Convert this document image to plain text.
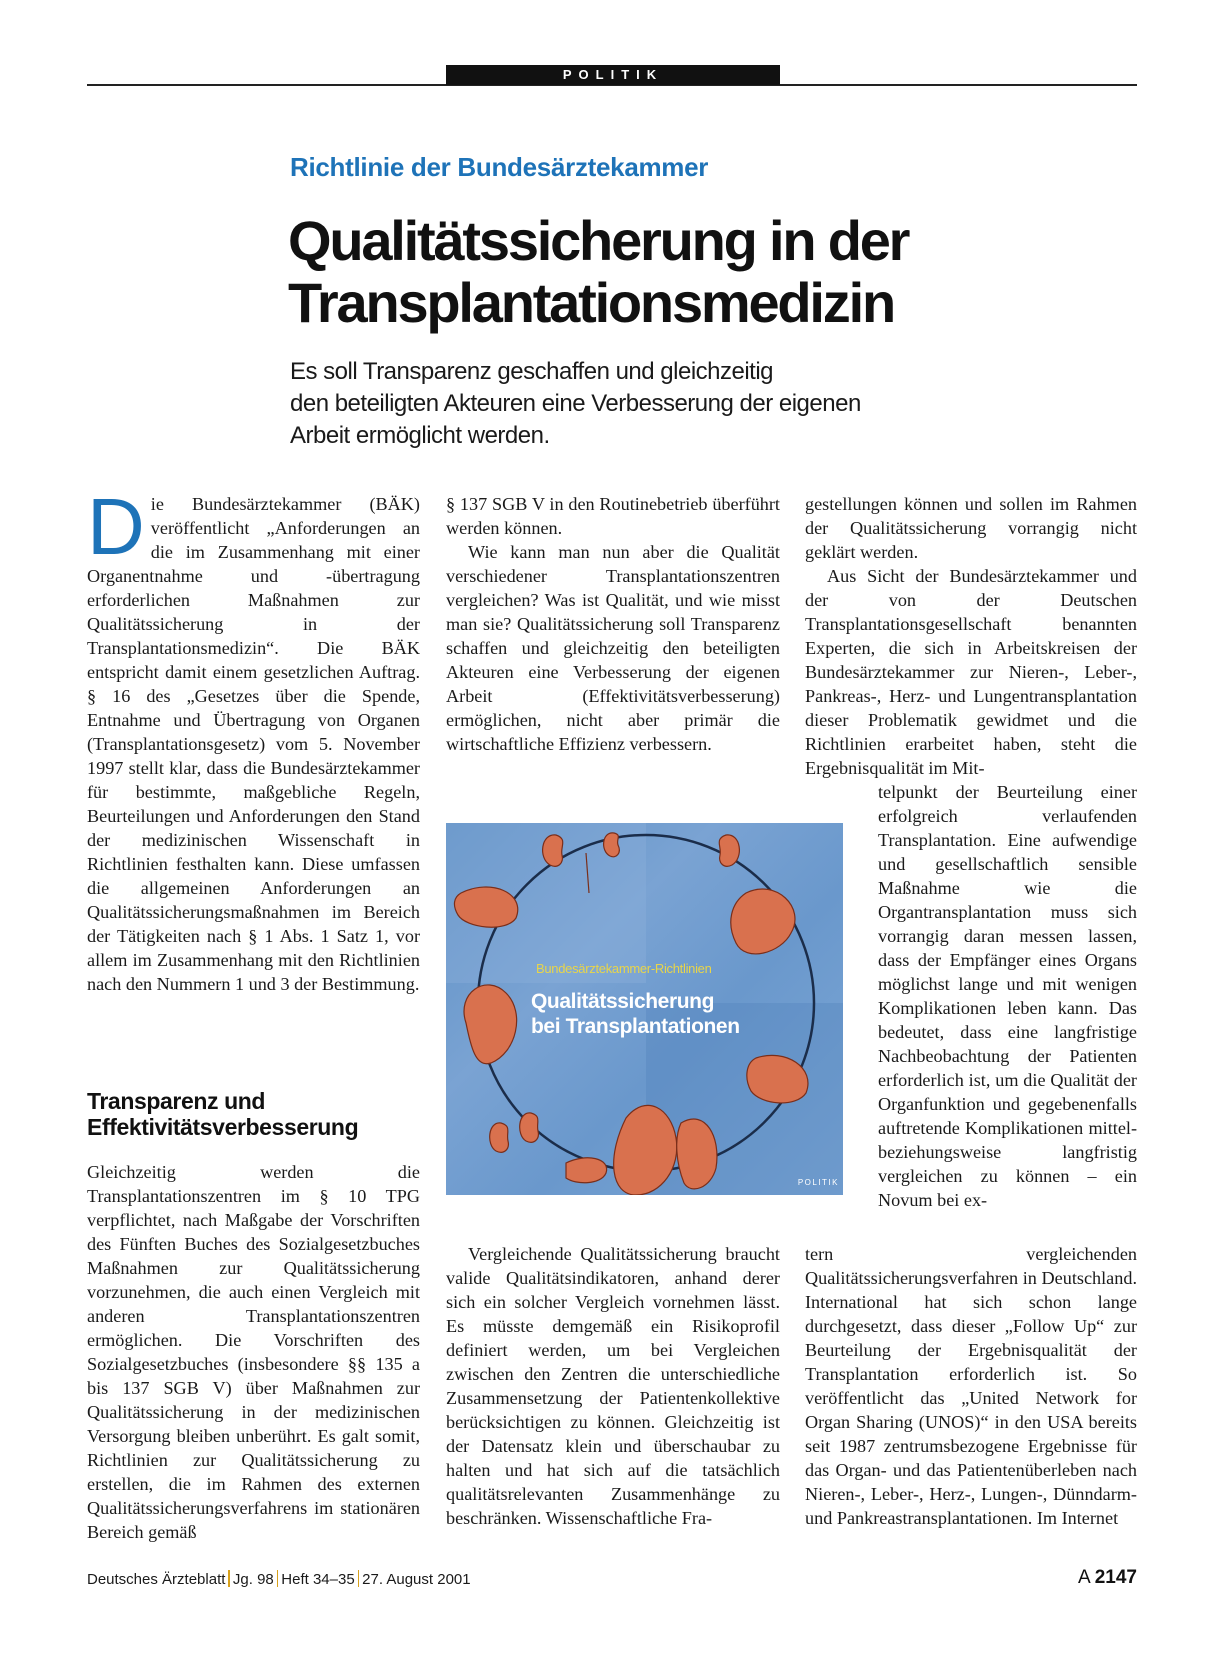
POLITIK
Richtlinie der Bundesärztekammer
Qualitätssicherung in der
Transplantationsmedizin
Es soll Transparenz geschaffen und gleichzeitig
den beteiligten Akteuren eine Verbesserung der eigenen
Arbeit ermöglicht werden.

Die Bundesärztekammer (BÄK) veröffentlicht „Anforderungen an die im Zusammenhang mit einer Organentnahme und -übertragung erforderlichen Maßnahmen zur Qualitätssicherung in der Transplantationsmedizin“. Die BÄK entspricht damit einem gesetzlichen Auftrag. § 16 des „Gesetzes über die Spende, Entnahme und Übertragung von Organen (Transplantationsgesetz) vom 5. November 1997 stellt klar, dass die Bundesärztekammer für bestimmte, maßgebliche Regeln, Beurteilungen und Anforderungen den Stand der medizinischen Wissenschaft in Richtlinien festhalten kann. Diese umfassen die allgemeinen Anforderungen an Qualitätssicherungsmaßnahmen im Bereich der Tätigkeiten nach § 1 Abs. 1 Satz 1, vor allem im Zusammenhang mit den Richtlinien nach den Nummern 1 und 3 der Bestimmung.

Transparenz und
Effektivitätsverbesserung

Gleichzeitig werden die Transplantationszentren im § 10 TPG verpflichtet, nach Maßgabe der Vorschriften des Fünften Buches des Sozialgesetzbuches Maßnahmen zur Qualitätssicherung vorzunehmen, die auch einen Vergleich mit anderen Transplantationszentren ermöglichen. Die Vorschriften des Sozialgesetzbuches (insbesondere §§ 135 a bis 137 SGB V) über Maßnahmen zur Qualitätssicherung in der medizinischen Versorgung bleiben unberührt. Es galt somit, Richtlinien zur Qualitätssicherung zu erstellen, die im Rahmen des externen Qualitätssicherungsverfahrens im stationären Bereich gemäß

§ 137 SGB V in den Routinebetrieb überführt werden können.

Wie kann man nun aber die Qualität verschiedener Transplantationszentren vergleichen? Was ist Qualität, und wie misst man sie? Qualitätssicherung soll Transparenz schaffen und gleichzeitig den beteiligten Akteuren eine Verbesserung der eigenen Arbeit (Effektivitätsverbesserung) ermöglichen, nicht aber primär die wirtschaftliche Effizienz verbessern.

Bundesärztekammer-Richtlinien
Qualitätssicherung
bei Transplantationen
POLITIK

Vergleichende Qualitätssicherung braucht valide Qualitätsindikatoren, anhand derer sich ein solcher Vergleich vornehmen lässt. Es müsste demgemäß ein Risikoprofil definiert werden, um bei Vergleichen zwischen den Zentren die unterschiedliche Zusammensetzung der Patientenkollektive berücksichtigen zu können. Gleichzeitig ist der Datensatz klein und überschaubar zu halten und hat sich auf die tatsächlich qualitätsrelevanten Zusammenhänge zu beschränken. Wissenschaftliche Fra-

gestellungen können und sollen im Rahmen der Qualitätssicherung vorrangig nicht geklärt werden.

Aus Sicht der Bundesärztekammer und der von der Deutschen Transplantationsgesellschaft benannten Experten, die sich in Arbeitskreisen der Bundesärztekammer zur Nieren-, Leber-, Pankreas-, Herz- und Lungentransplantation dieser Problematik gewidmet und die Richtlinien erarbeitet haben, steht die Ergebnisqualität im Mit-

telpunkt der Beurteilung einer erfolgreich verlaufenden Transplantation. Eine aufwendige und gesellschaftlich sensible Maßnahme wie die Organtransplantation muss sich vorrangig daran messen lassen, dass der Empfänger eines Organs möglichst lange und mit wenigen Komplikationen leben kann. Das bedeutet, dass eine langfristige Nachbeobachtung der Patienten erforderlich ist, um die Qualität der Organfunktion und gegebenenfalls auftretende Komplikationen mittel- beziehungsweise langfristig vergleichen zu können – ein Novum bei ex-

tern vergleichenden Qualitätssicherungsverfahren in Deutschland. International hat sich schon lange durchgesetzt, dass dieser „Follow Up“ zur Beurteilung der Ergebnisqualität der Transplantation erforderlich ist. So veröffentlicht das „United Network for Organ Sharing (UNOS)“ in den USA bereits seit 1987 zentrumsbezogene Ergebnisse für das Organ- und das Patientenüberleben nach Nieren-, Leber-, Herz-, Lungen-, Dünndarm- und Pankreastransplantationen. Im Internet

Deutsches Ärzteblatt Jg. 98 Heft 34–35 27. August 2001	A 2147
